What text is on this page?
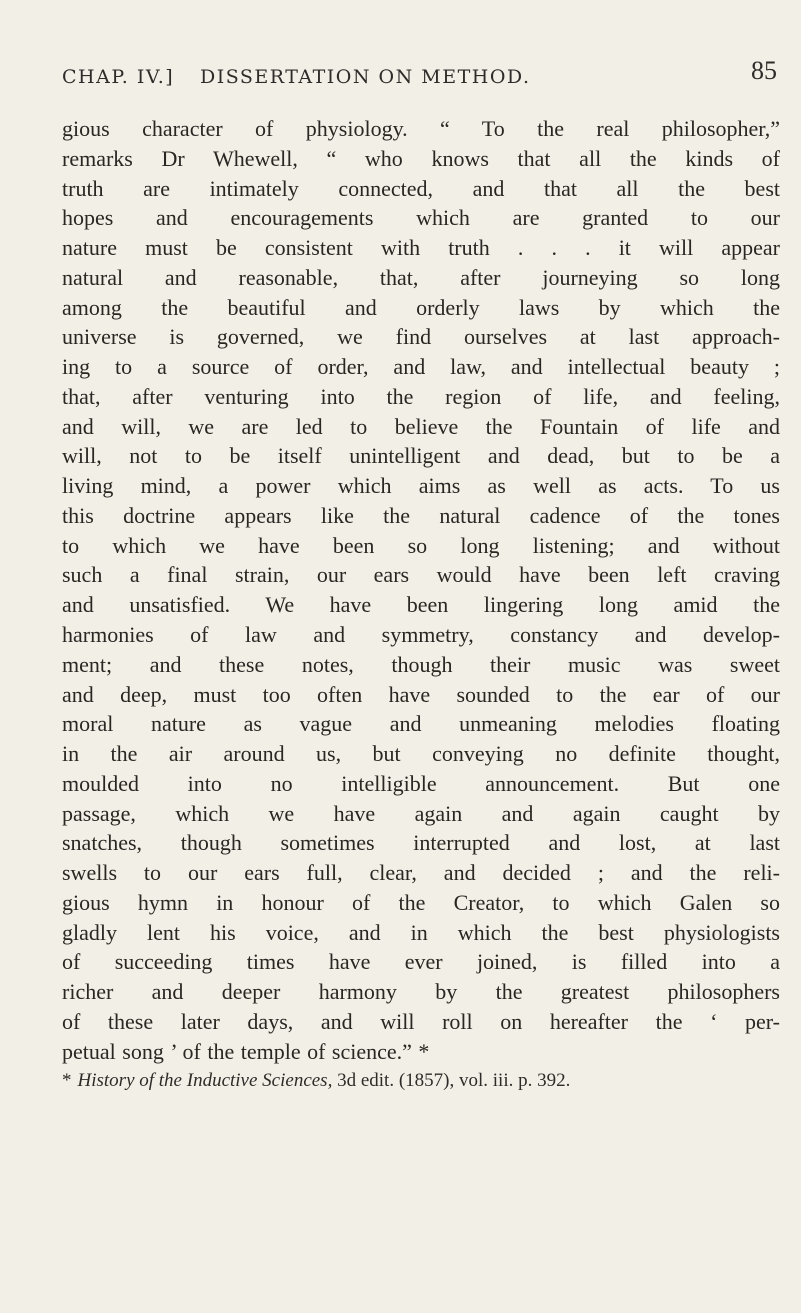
CHAP. IV.] DISSERTATION ON METHOD.	85
gious character of physiology. “ To the real philosopher,”
remarks Dr Whewell, “ who knows that all the kinds of
truth are intimately connected, and that all the best
hopes and encouragements which are granted to our
nature must be consistent with truth . . . it will appear
natural and reasonable, that, after journeying so long
among the beautiful and orderly laws by which the
universe is governed, we find ourselves at last approach-
ing to a source of order, and law, and intellectual beauty ;
that, after venturing into the region of life, and feeling,
and will, we are led to believe the Fountain of life and
will, not to be itself unintelligent and dead, but to be a
living mind, a power which aims as well as acts. To us
this doctrine appears like the natural cadence of the tones
to which we have been so long listening; and without
such a final strain, our ears would have been left craving
and unsatisfied. We have been lingering long amid the
harmonies of law and symmetry, constancy and develop-
ment; and these notes, though their music was sweet
and deep, must too often have sounded to the ear of our
moral nature as vague and unmeaning melodies floating
in the air around us, but conveying no definite thought,
moulded into no intelligible announcement. But one
passage, which we have again and again caught by
snatches, though sometimes interrupted and lost, at last
swells to our ears full, clear, and decided ; and the reli-
gious hymn in honour of the Creator, to which Galen so
gladly lent his voice, and in which the best physiologists
of succeeding times have ever joined, is filled into a
richer and deeper harmony by the greatest philosophers
of these later days, and will roll on hereafter the ‘ per-
petual song ’ of the temple of science.” *
* History of the Inductive Sciences, 3d edit. (1857), vol. iii. p. 392.
